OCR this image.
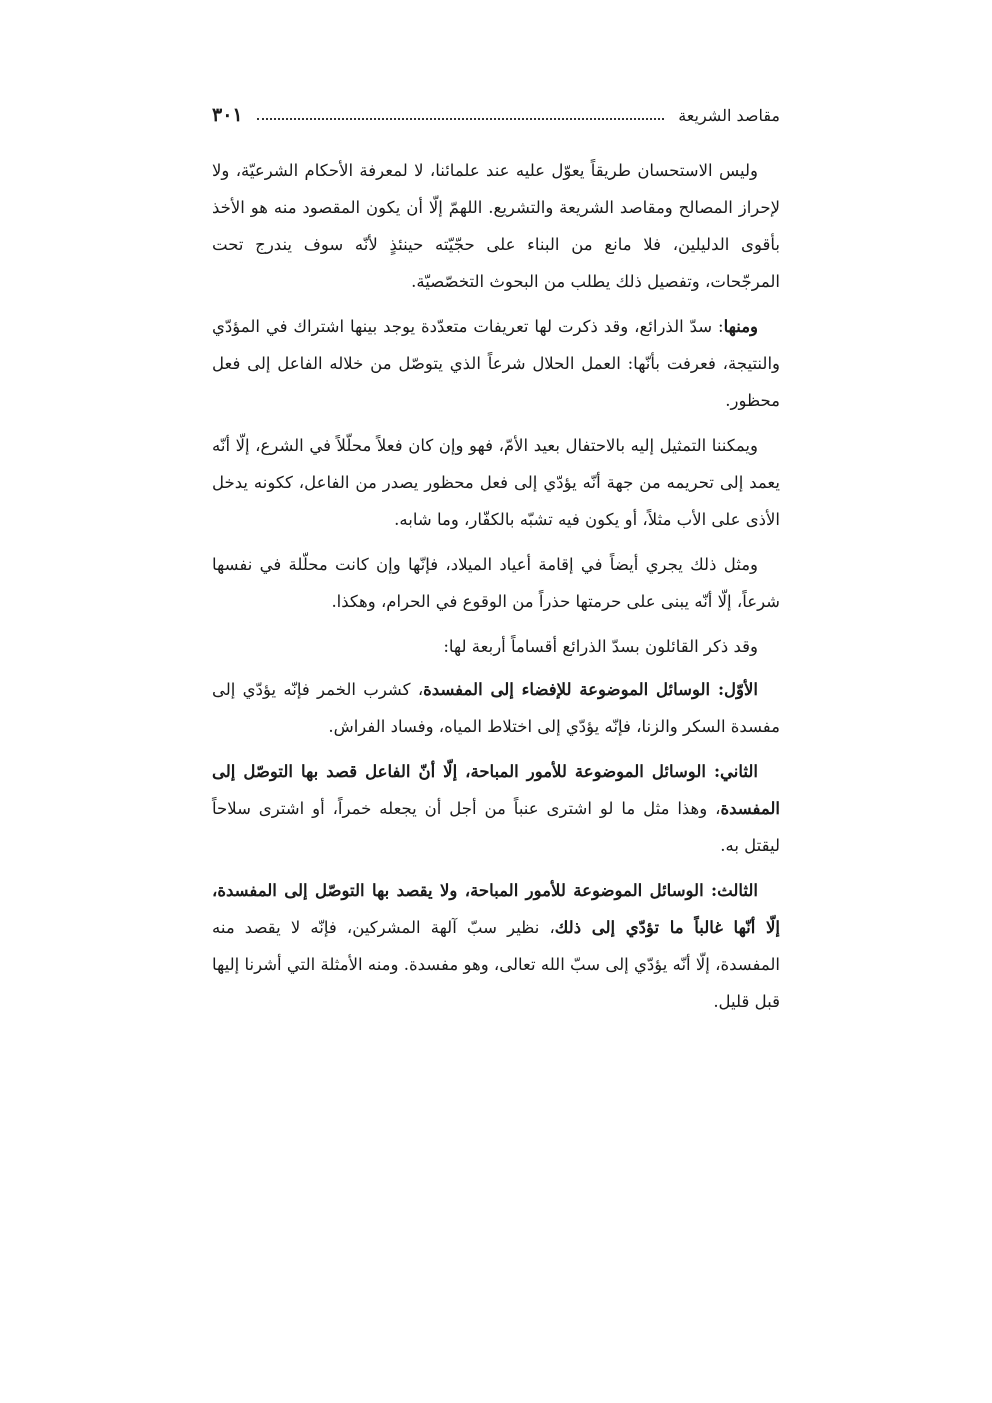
مقاصد الشريعة
٣٠١

وليس الاستحسان طريقاً يعوّل عليه عند علمائنا، لا لمعرفة الأحكام الشرعيّة، ولا لإحراز المصالح ومقاصد الشريعة والتشريع. اللهمّ إلّا أن يكون المقصود منه هو الأخذ بأقوى الدليلين، فلا مانع من البناء على حجّيّته حينئذٍ لأنّه سوف يندرج تحت المرجّحات، وتفصيل ذلك يطلب من البحوث التخصّصيّة.

ومنها: سدّ الذرائع، وقد ذكرت لها تعريفات متعدّدة يوجد بينها اشتراك في المؤدّي والنتيجة، فعرفت بأنّها: العمل الحلال شرعاً الذي يتوصّل من خلاله الفاعل إلى فعل محظور.

ويمكننا التمثيل إليه بالاحتفال بعيد الأمّ، فهو وإن كان فعلاً محلّلاً في الشرع، إلّا أنّه يعمد إلى تحريمه من جهة أنّه يؤدّي إلى فعل محظور يصدر من الفاعل، ككونه يدخل الأذى على الأب مثلاً، أو يكون فيه تشبّه بالكفّار، وما شابه.

ومثل ذلك يجري أيضاً في إقامة أعياد الميلاد، فإنّها وإن كانت محلّلة في نفسها شرعاً، إلّا أنّه يبنى على حرمتها حذراً من الوقوع في الحرام، وهكذا.

وقد ذكر القائلون بسدّ الذرائع أقساماً أربعة لها:

الأوّل: الوسائل الموضوعة للإفضاء إلى المفسدة، كشرب الخمر فإنّه يؤدّي إلى مفسدة السكر والزنا، فإنّه يؤدّي إلى اختلاط المياه، وفساد الفراش.

الثاني: الوسائل الموضوعة للأمور المباحة، إلّا أنّ الفاعل قصد بها التوصّل إلى المفسدة، وهذا مثل ما لو اشترى عنباً من أجل أن يجعله خمراً، أو اشترى سلاحاً ليقتل به.

الثالث: الوسائل الموضوعة للأمور المباحة، ولا يقصد بها التوصّل إلى المفسدة، إلّا أنّها غالباً ما تؤدّي إلى ذلك، نظير سبّ آلهة المشركين، فإنّه لا يقصد منه المفسدة، إلّا أنّه يؤدّي إلى سبّ الله تعالى، وهو مفسدة. ومنه الأمثلة التي أشرنا إليها قبل قليل.
